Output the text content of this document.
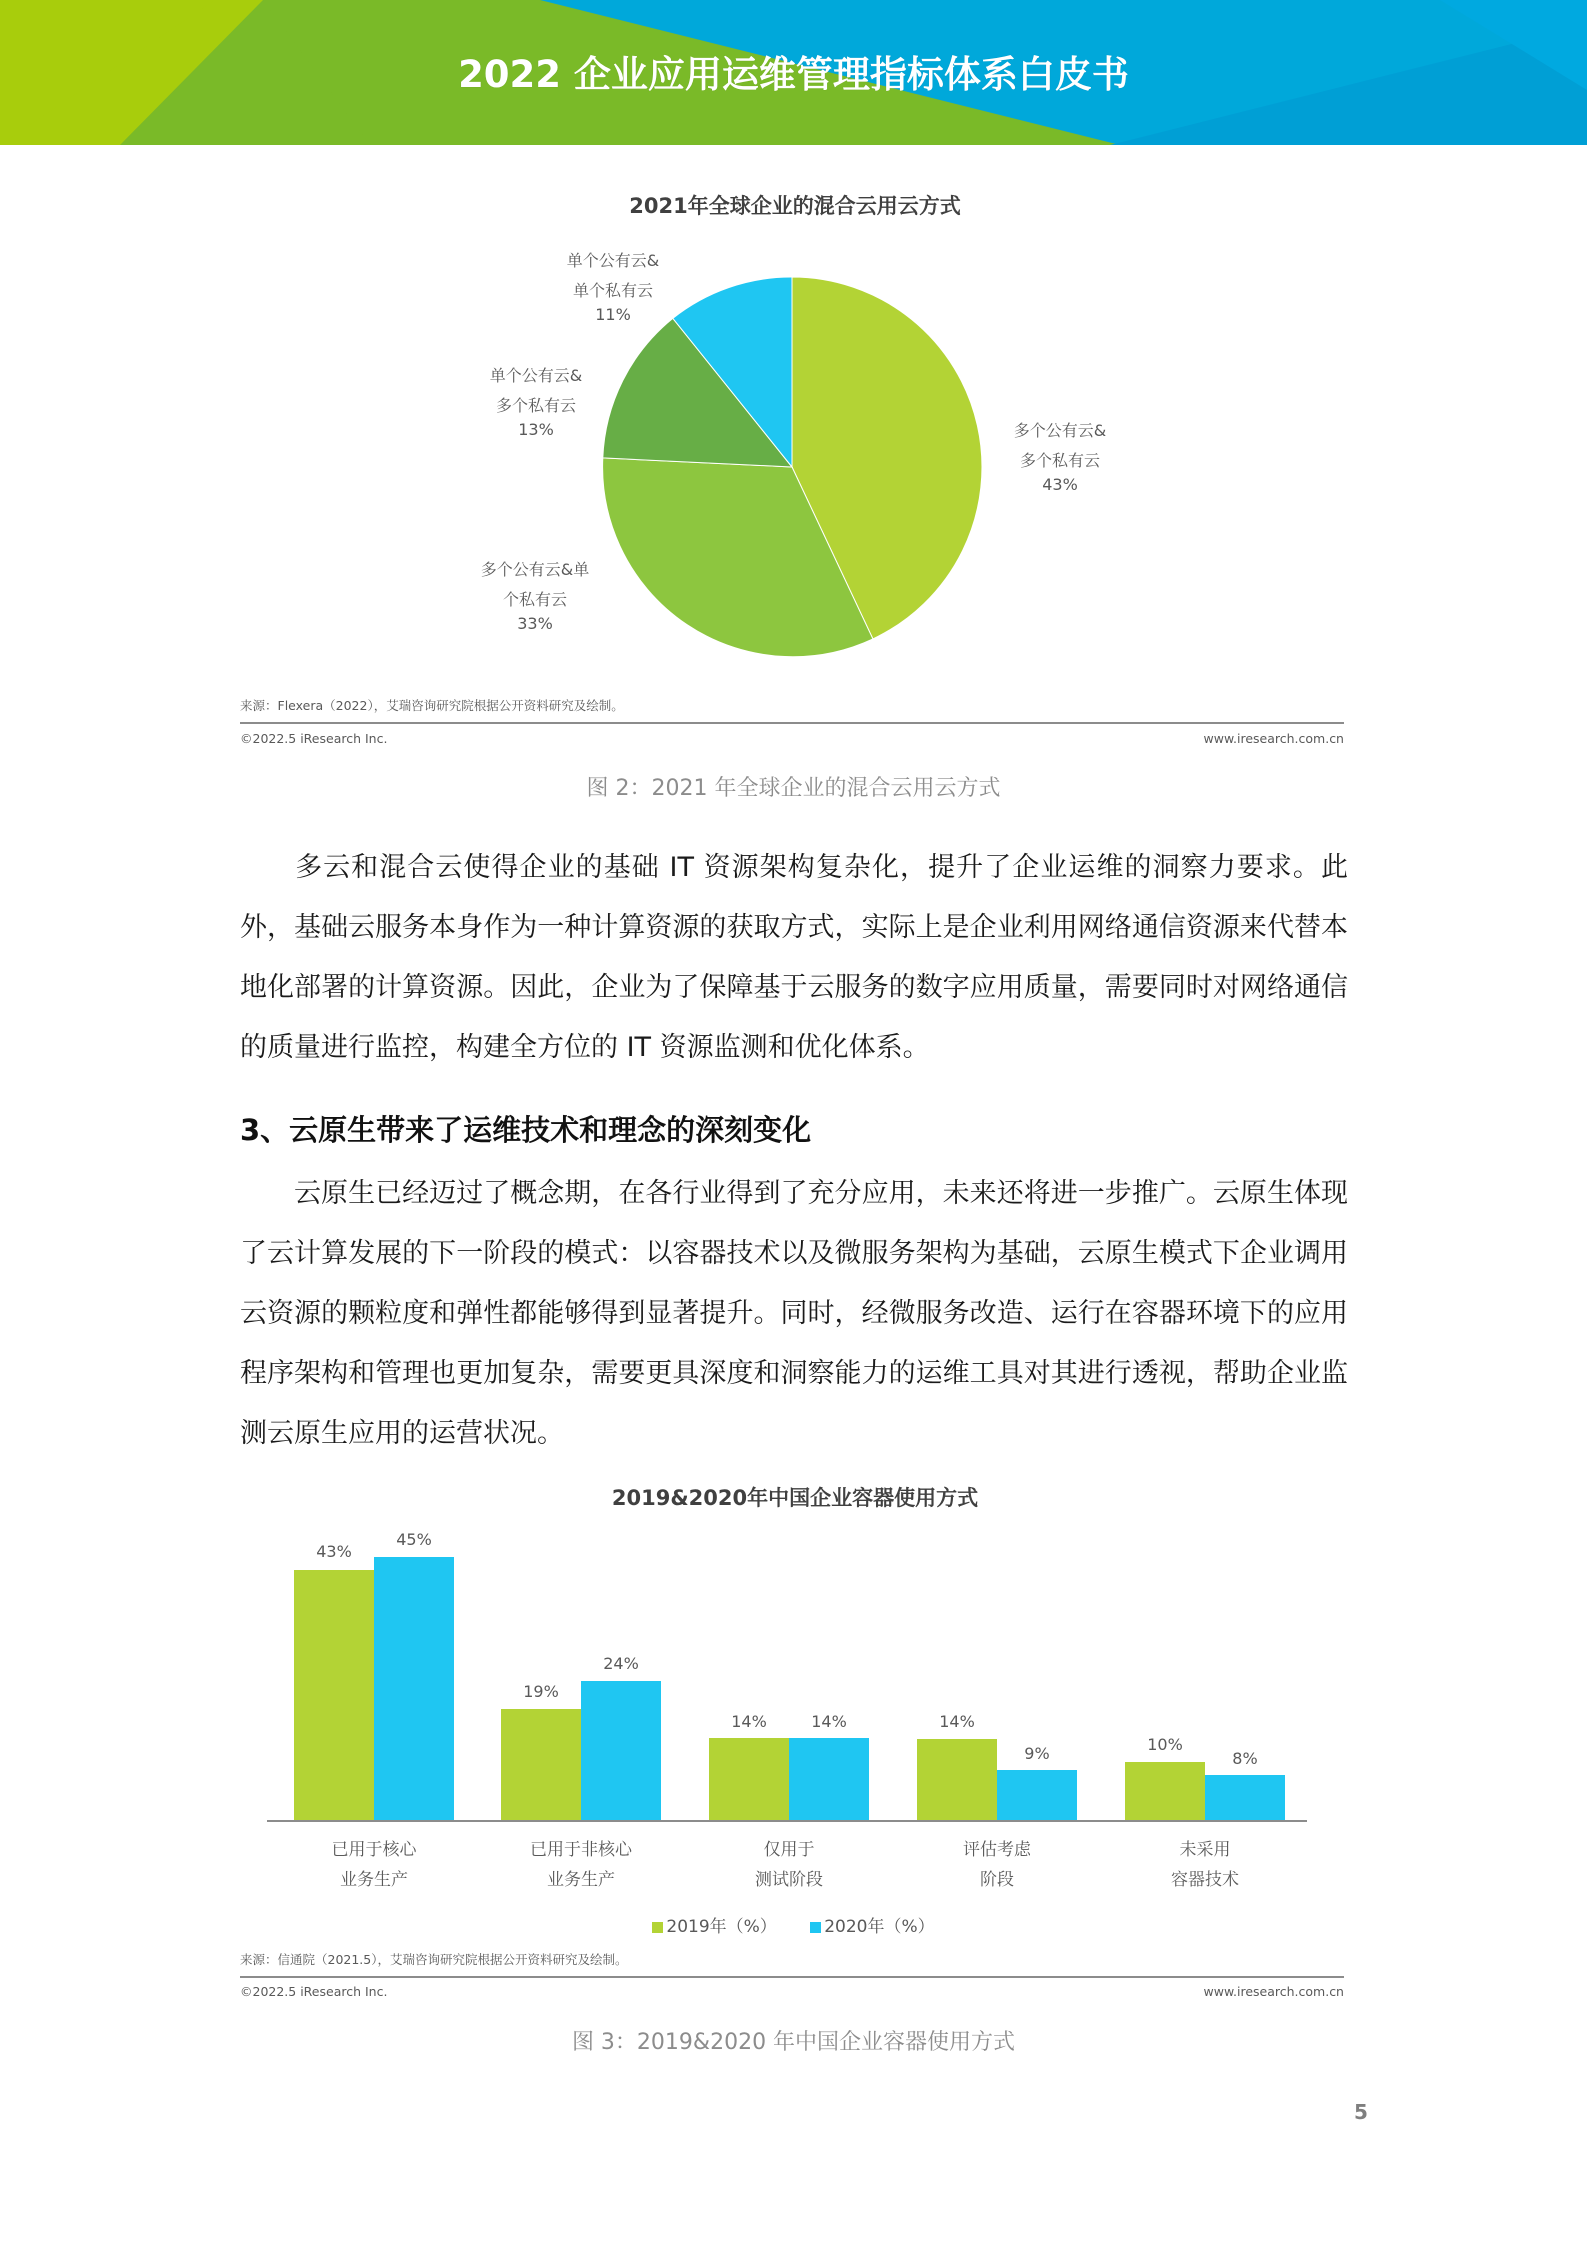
2022 企业应用运维管理指标体系白皮书
2021年全球企业的混合云用云方式
多个公有云&
多个私有云
43%
多个公有云&单
个私有云
33%
单个公有云&
多个私有云
13%
单个公有云&
单个私有云
11%
来源：Flexera（2022），艾瑞咨询研究院根据公开资料研究及绘制。
©2022.5 iResearch Inc.	www.iresearch.com.cn
图 2：2021 年全球企业的混合云用云方式
多云和混合云使得企业的基础 IT 资源架构复杂化，提升了企业运维的洞察力要求。此外，基础云服务本身作为一种计算资源的获取方式，实际上是企业利用网络通信资源来代替本地化部署的计算资源。因此，企业为了保障基于云服务的数字应用质量，需要同时对网络通信的质量进行监控，构建全方位的 IT 资源监测和优化体系。
3、云原生带来了运维技术和理念的深刻变化
云原生已经迈过了概念期，在各行业得到了充分应用，未来还将进一步推广。云原生体现了云计算发展的下一阶段的模式：以容器技术以及微服务架构为基础，云原生模式下企业调用云资源的颗粒度和弹性都能够得到显著提升。同时，经微服务改造、运行在容器环境下的应用程序架构和管理也更加复杂，需要更具深度和洞察能力的运维工具对其进行透视，帮助企业监测云原生应用的运营状况。
2019&2020年中国企业容器使用方式
43%
45%
19%
24%
14%	14%	14%
9%	10%
8%
已用于核心
业务生产
已用于非核心
业务生产
仅用于
测试阶段
评估考虑
阶段
未采用
容器技术
2019年（%）	2020年（%）
来源：信通院（2021.5），艾瑞咨询研究院根据公开资料研究及绘制。
©2022.5 iResearch Inc.	www.iresearch.com.cn
图 3：2019&2020 年中国企业容器使用方式
5
